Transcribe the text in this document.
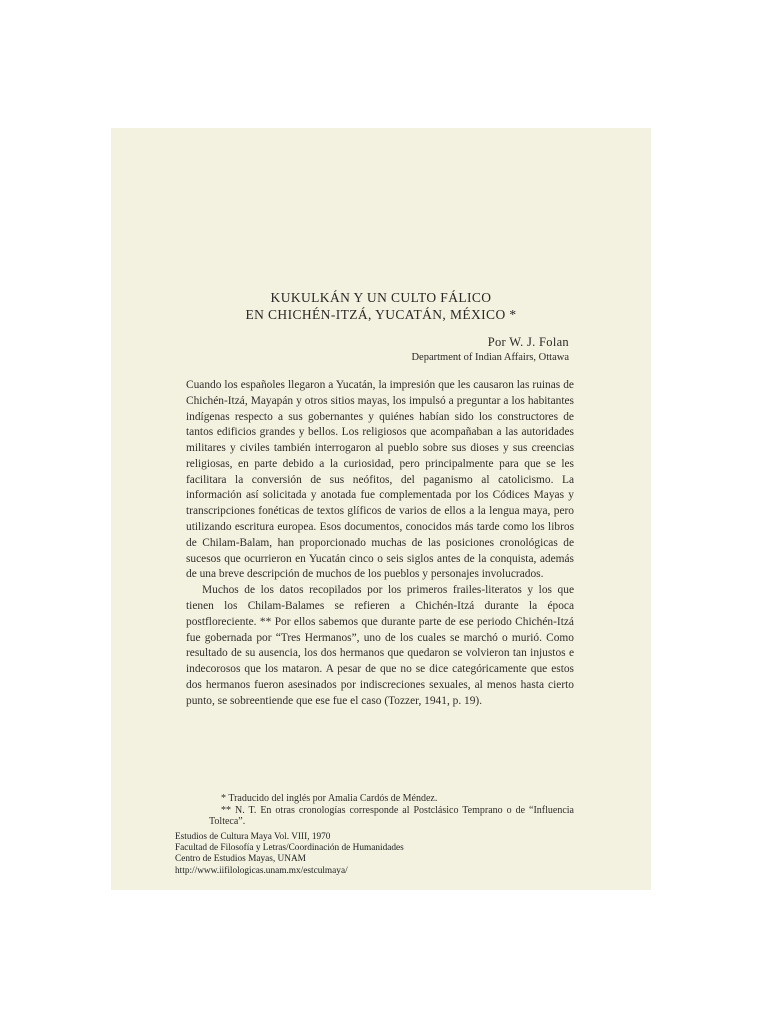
KUKULKÁN Y UN CULTO FÁLICO
EN CHICHÉN-ITZÁ, YUCATÁN, MÉXICO *
Por W. J. Folan
Department of Indian Affairs, Ottawa

Cuando los españoles llegaron a Yucatán, la impresión que les causaron las ruinas de Chichén-Itzá, Mayapán y otros sitios mayas, los impulsó a preguntar a los habitantes indígenas respecto a sus gobernantes y quiénes habían sido los constructores de tantos edificios grandes y bellos. Los religiosos que acompañaban a las autoridades militares y civiles también interrogaron al pueblo sobre sus dioses y sus creencias religiosas, en parte debido a la curiosidad, pero principalmente para que se les facilitara la conversión de sus neófitos, del paganismo al catolicismo. La información así solicitada y anotada fue complementada por los Códices Mayas y transcripciones fonéticas de textos glíficos de varios de ellos a la lengua maya, pero utilizando escritura europea. Esos documentos, conocidos más tarde como los libros de Chilam-Balam, han proporcionado muchas de las posiciones cronológicas de sucesos que ocurrieron en Yucatán cinco o seis siglos antes de la conquista, además de una breve descripción de muchos de los pueblos y personajes involucrados.

Muchos de los datos recopilados por los primeros frailes-literatos y los que tienen los Chilam-Balames se refieren a Chichén-Itzá durante la época postfloreciente. ** Por ellos sabemos que durante parte de ese periodo Chichén-Itzá fue gobernada por “Tres Hermanos”, uno de los cuales se marchó o murió. Como resultado de su ausencia, los dos hermanos que quedaron se volvieron tan injustos e indecorosos que los mataron. A pesar de que no se dice categóricamente que estos dos hermanos fueron asesinados por indiscreciones sexuales, al menos hasta cierto punto, se sobreentiende que ese fue el caso (Tozzer, 1941, p. 19).

* Traducido del inglés por Amalia Cardós de Méndez.
** N. T. En otras cronologías corresponde al Postclásico Temprano o de “Influencia Tolteca”.
Estudios de Cultura Maya Vol. VIII, 1970
Facultad de Filosofía y Letras/Coordinación de Humanidades
Centro de Estudios Mayas, UNAM
http://www.iifilologicas.unam.mx/estculmaya/
